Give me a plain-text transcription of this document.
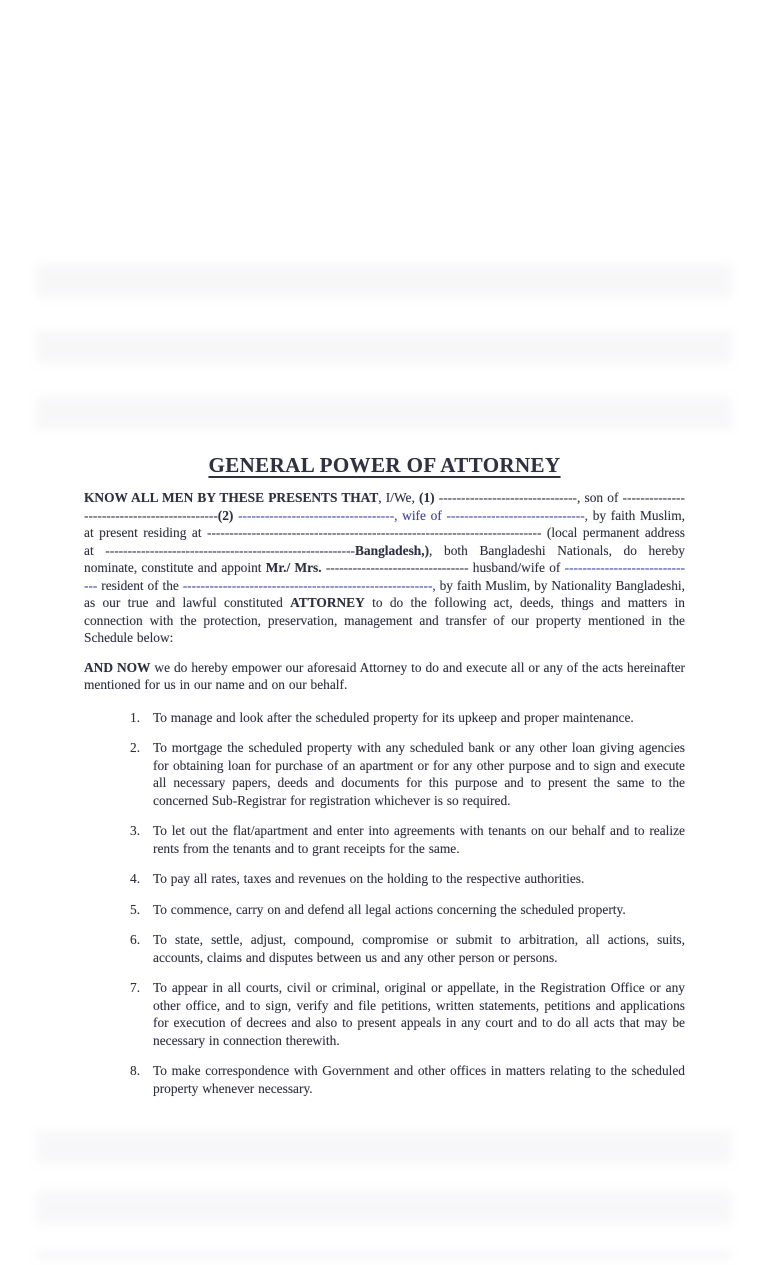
GENERAL POWER OF ATTORNEY

KNOW ALL MEN BY THESE PRESENTS THAT, I/We, (1) -------------------------------, son of --------------------------------------------(2) -----------------------------------, wife of -------------------------------, by faith Muslim, at present residing at --------------------------------------------------------------------------- (local permanent address at --------------------------------------------------------Bangladesh,), both Bangladeshi Nationals, do hereby nominate, constitute and appoint Mr./ Mrs. -------------------------------- husband/wife of ------------------------------ resident of the --------------------------------------------------------, by faith Muslim, by Nationality Bangladeshi, as our true and lawful constituted ATTORNEY to do the following act, deeds, things and matters in connection with the protection, preservation, management and transfer of our property mentioned in the Schedule below:

AND NOW we do hereby empower our aforesaid Attorney to do and execute all or any of the acts hereinafter mentioned for us in our name and on our behalf.

1. To manage and look after the scheduled property for its upkeep and proper maintenance.
2. To mortgage the scheduled property with any scheduled bank or any other loan giving agencies for obtaining loan for purchase of an apartment or for any other purpose and to sign and execute all necessary papers, deeds and documents for this purpose and to present the same to the concerned Sub-Registrar for registration whichever is so required.
3. To let out the flat/apartment and enter into agreements with tenants on our behalf and to realize rents from the tenants and to grant receipts for the same.
4. To pay all rates, taxes and revenues on the holding to the respective authorities.
5. To commence, carry on and defend all legal actions concerning the scheduled property.
6. To state, settle, adjust, compound, compromise or submit to arbitration, all actions, suits, accounts, claims and disputes between us and any other person or persons.
7. To appear in all courts, civil or criminal, original or appellate, in the Registration Office or any other office, and to sign, verify and file petitions, written statements, petitions and applications for execution of decrees and also to present appeals in any court and to do all acts that may be necessary in connection therewith.
8. To make correspondence with Government and other offices in matters relating to the scheduled property whenever necessary.
